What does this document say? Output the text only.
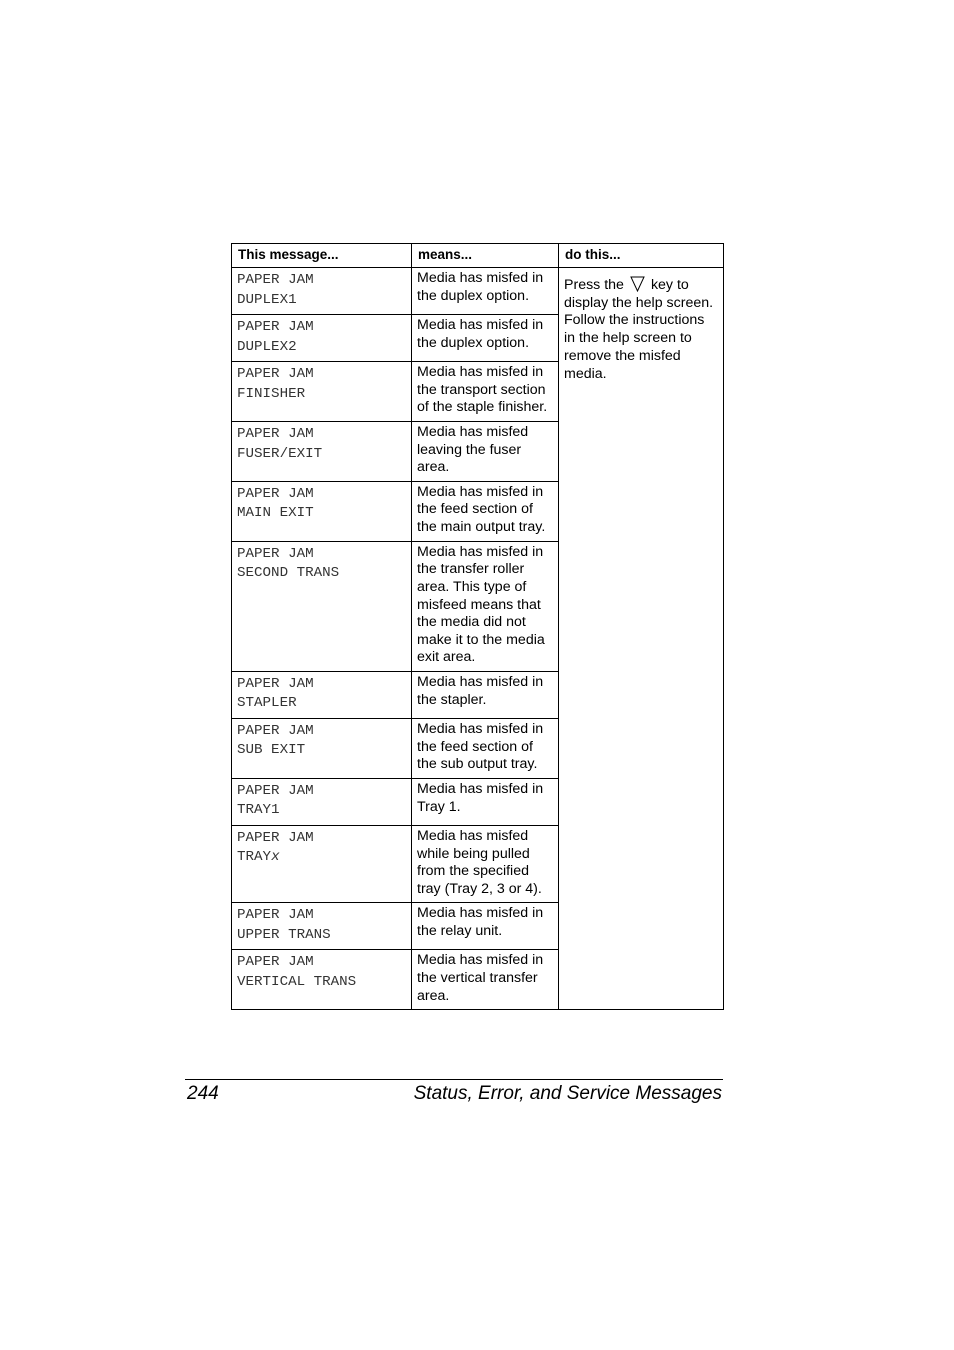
This message...	means...	do this...

PAPER JAM
DUPLEX1	Media has misfed in the duplex option.	Press the key to display the help screen. Follow the instructions in the help screen to remove the misfed media.

PAPER JAM
DUPLEX2	Media has misfed in the duplex option.	

PAPER JAM
FINISHER	Media has misfed in the transport section of the staple finisher.	

PAPER JAM
FUSER/EXIT	Media has misfed leaving the fuser area.	

PAPER JAM
MAIN EXIT	Media has misfed in the feed section of the main output tray.	

PAPER JAM
SECOND TRANS	Media has misfed in the transfer roller area. This type of misfeed means that the media did not make it to the media exit area.	

PAPER JAM
STAPLER	Media has misfed in the stapler.	

PAPER JAM
SUB EXIT	Media has misfed in the feed section of the sub output tray.	

PAPER JAM
TRAY1	Media has misfed in Tray 1.	

PAPER JAM
TRAYx	Media has misfed while being pulled from the specified tray (Tray 2, 3 or 4).	

PAPER JAM
UPPER TRANS	Media has misfed in the relay unit.	

PAPER JAM
VERTICAL TRANS	Media has misfed in the vertical transfer area.	
244	Status, Error, and Service Messages
